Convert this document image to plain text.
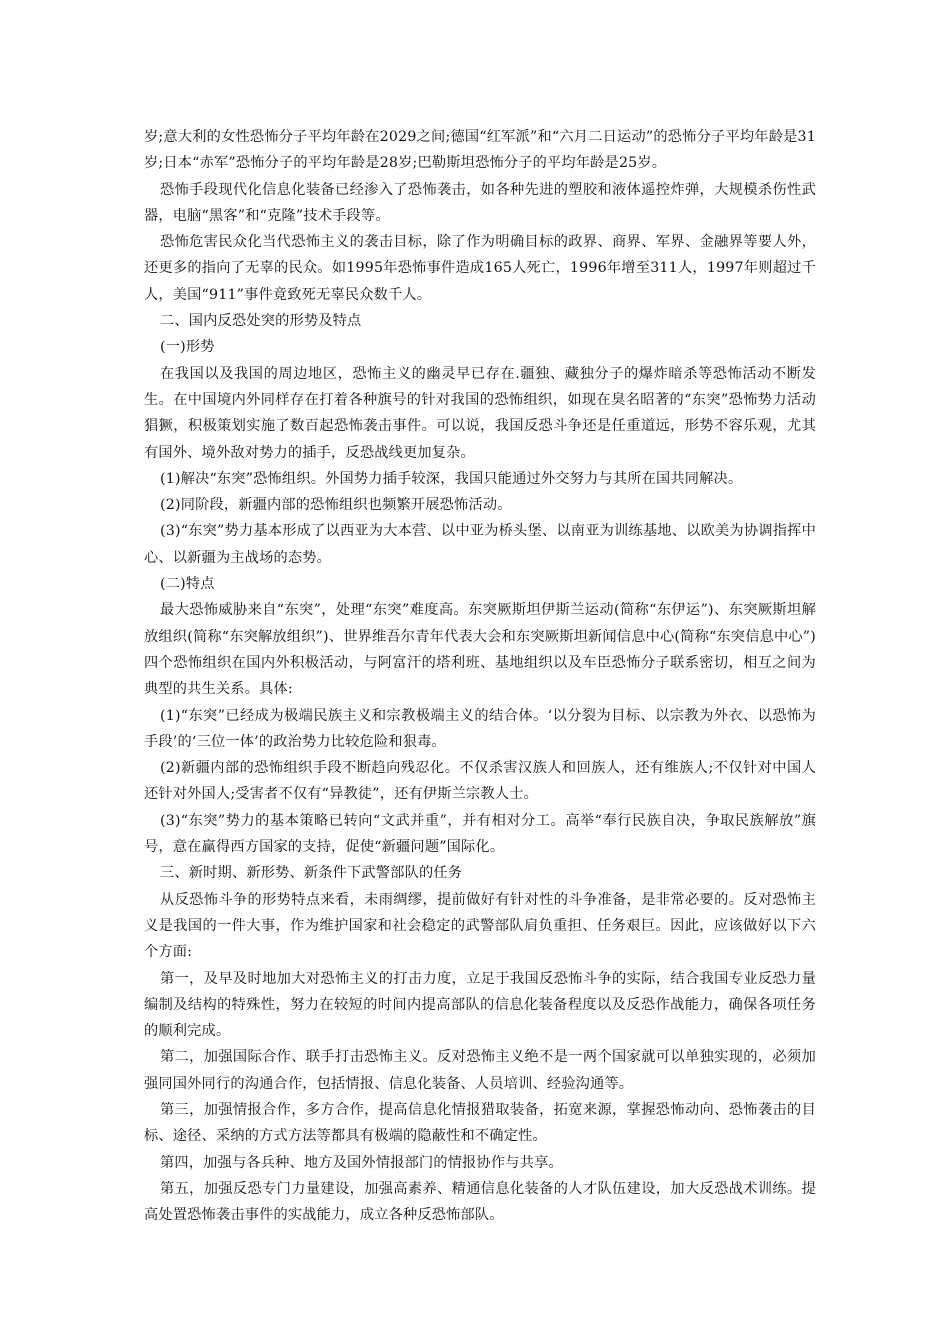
岁;意大利的女性恐怖分子平均年龄在2029之间;德国“红军派”和“六月二日运动”的恐怖分子平均年龄是31岁;日本“赤军”恐怖分子的平均年龄是28岁;巴勒斯坦恐怖分子的平均年龄是25岁。

恐怖手段现代化信息化装备已经渗入了恐怖袭击，如各种先进的塑胶和液体遥控炸弹，大规模杀伤性武器，电脑“黑客”和“克隆”技术手段等。

恐怖危害民众化当代恐怖主义的袭击目标，除了作为明确目标的政界、商界、军界、金融界等要人外，还更多的指向了无辜的民众。如1995年恐怖事件造成165人死亡，1996年增至311人，1997年则超过千人，美国“911”事件竟致死无辜民众数千人。

二、国内反恐处突的形势及特点

(一)形势

在我国以及我国的周边地区，恐怖主义的幽灵早已存在.疆独、藏独分子的爆炸暗杀等恐怖活动不断发生。在中国境内外同样存在打着各种旗号的针对我国的恐怖组织，如现在臭名昭著的“东突”恐怖势力活动猖獗，积极策划实施了数百起恐怖袭击事件。可以说，我国反恐斗争还是任重道远，形势不容乐观，尤其有国外、境外敌对势力的插手，反恐战线更加复杂。

(1)解决“东突”恐怖组织。外国势力插手较深，我国只能通过外交努力与其所在国共同解决。

(2)同阶段，新疆内部的恐怖组织也频繁开展恐怖活动。

(3)“东突”势力基本形成了以西亚为大本营、以中亚为桥头堡、以南亚为训练基地、以欧美为协调指挥中心、以新疆为主战场的态势。

(二)特点

最大恐怖威胁来自“东突”，处理“东突”难度高。东突厥斯坦伊斯兰运动(简称“东伊运”)、东突厥斯坦解放组织(简称“东突解放组织”)、世界维吾尔青年代表大会和东突厥斯坦新闻信息中心(简称“东突信息中心”)四个恐怖组织在国内外积极活动，与阿富汗的塔利班、基地组织以及车臣恐怖分子联系密切，相互之间为典型的共生关系。具体:

(1)“东突”已经成为极端民族主义和宗教极端主义的结合体。‘以分裂为目标、以宗教为外衣、以恐怖为手段’的‘三位一体’的政治势力比较危险和狠毒。

(2)新疆内部的恐怖组织手段不断趋向残忍化。不仅杀害汉族人和回族人，还有维族人;不仅针对中国人还针对外国人;受害者不仅有“异教徒”，还有伊斯兰宗教人士。

(3)“东突”势力的基本策略已转向“文武并重”，并有相对分工。高举“奉行民族自决，争取民族解放”旗号，意在赢得西方国家的支持，促使“新疆问题”国际化。

三、新时期、新形势、新条件下武警部队的任务

从反恐怖斗争的形势特点来看，未雨绸缪，提前做好有针对性的斗争准备，是非常必要的。反对恐怖主义是我国的一件大事，作为维护国家和社会稳定的武警部队肩负重担、任务艰巨。因此，应该做好以下六个方面:

第一，及早及时地加大对恐怖主义的打击力度，立足于我国反恐怖斗争的实际，结合我国专业反恐力量编制及结构的特殊性，努力在较短的时间内提高部队的信息化装备程度以及反恐作战能力，确保各项任务的顺利完成。

第二，加强国际合作、联手打击恐怖主义。反对恐怖主义绝不是一两个国家就可以单独实现的，必须加强同国外同行的沟通合作，包括情报、信息化装备、人员培训、经验沟通等。

第三，加强情报合作，多方合作，提高信息化情报猎取装备，拓宽来源，掌握恐怖动向、恐怖袭击的目标、途径、采纳的方式方法等都具有极端的隐蔽性和不确定性。

第四，加强与各兵种、地方及国外情报部门的情报协作与共享。

第五，加强反恐专门力量建设，加强高素养、精通信息化装备的人才队伍建设，加大反恐战术训练。提高处置恐怖袭击事件的实战能力，成立各种反恐怖部队。
